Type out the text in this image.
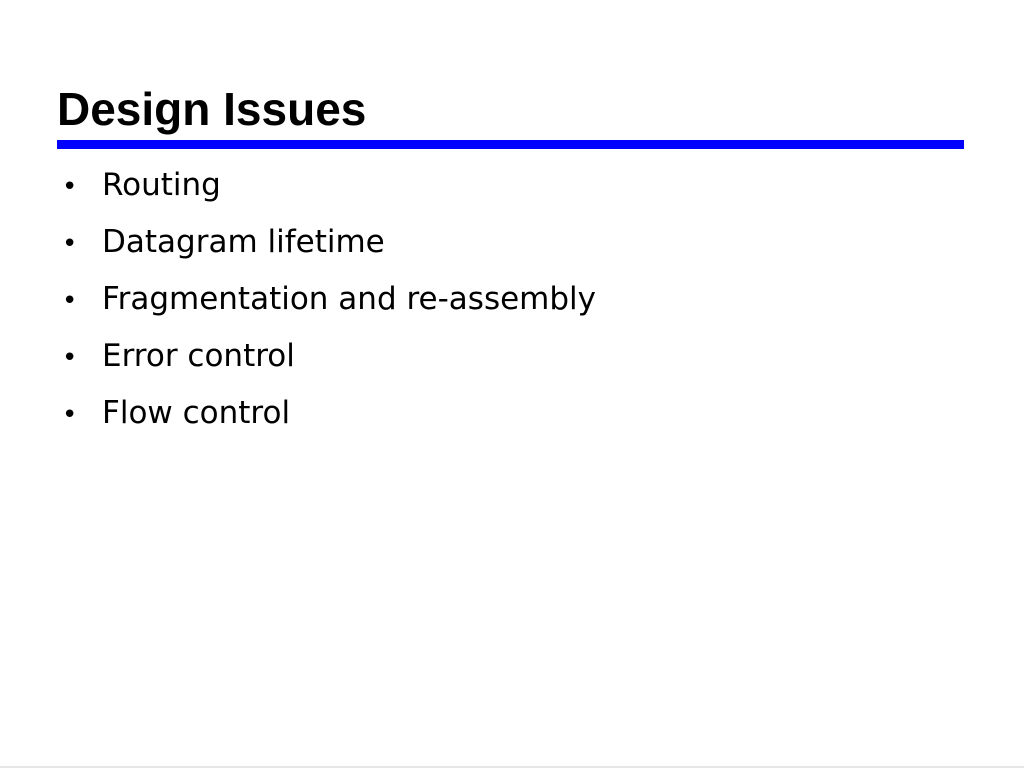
Design Issues
• Routing
• Datagram lifetime
• Fragmentation and re-assembly
• Error control
• Flow control
